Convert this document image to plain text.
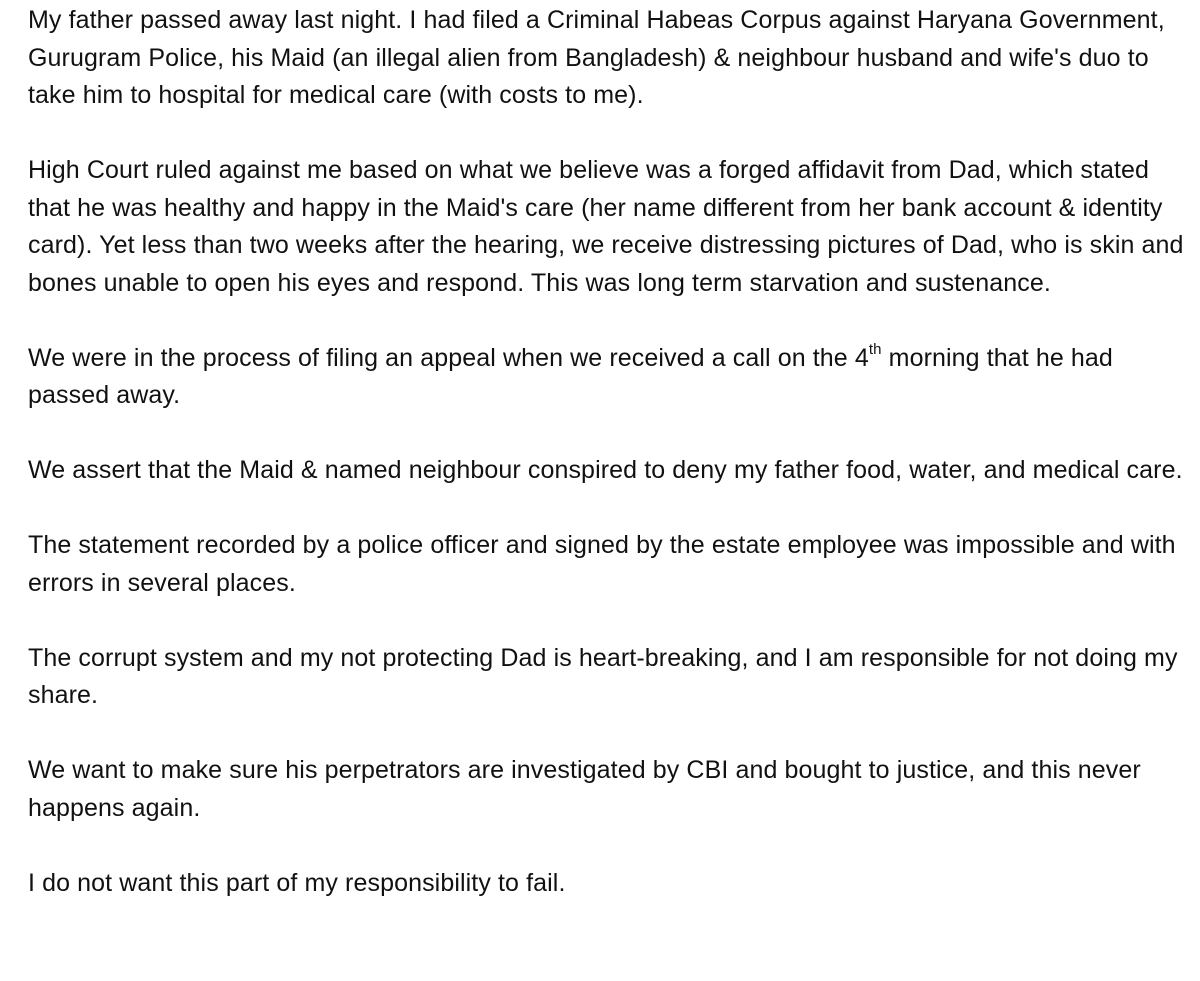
My father passed away last night. I had filed a Criminal Habeas Corpus against Haryana Government, Gurugram Police, his Maid (an illegal alien from Bangladesh) & neighbour husband and wife's duo to take him to hospital for medical care (with costs to me).

High Court ruled against me based on what we believe was a forged affidavit from Dad, which stated that he was healthy and happy in the Maid's care (her name different from her bank account & identity card). Yet less than two weeks after the hearing, we receive distressing pictures of Dad, who is skin and bones unable to open his eyes and respond. This was long term starvation and sustenance.

We were in the process of filing an appeal when we received a call on the 4th morning that he had passed away.

We assert that the Maid & named neighbour conspired to deny my father food, water, and medical care.

The statement recorded by a police officer and signed by the estate employee was impossible and with errors in several places.

The corrupt system and my not protecting Dad is heart-breaking, and I am responsible for not doing my share.

We want to make sure his perpetrators are investigated by CBI and bought to justice, and this never happens again.

I do not want this part of my responsibility to fail.
